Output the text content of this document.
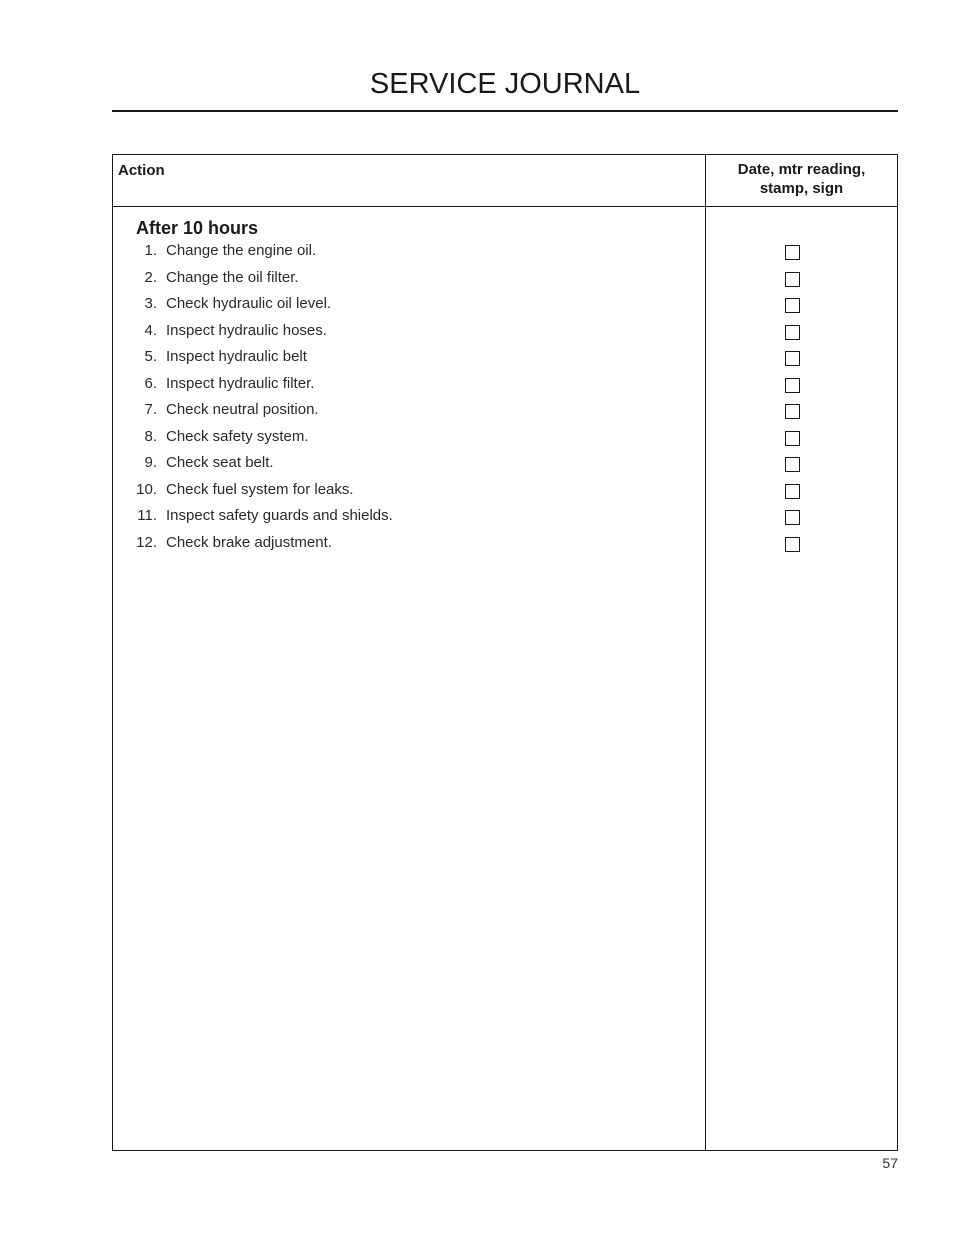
SERVICE JOURNAL
Action	Date, mtr reading,
stamp, sign
After 10 hours
1. Change the engine oil.
2. Change the oil filter.
3. Check hydraulic oil level.
4. Inspect hydraulic hoses.
5. Inspect hydraulic belt
6. Inspect hydraulic filter.
7. Check neutral position.
8. Check safety system.
9. Check seat belt.
10. Check fuel system for leaks.
11. Inspect safety guards and shields.
12. Check brake adjustment.
57
